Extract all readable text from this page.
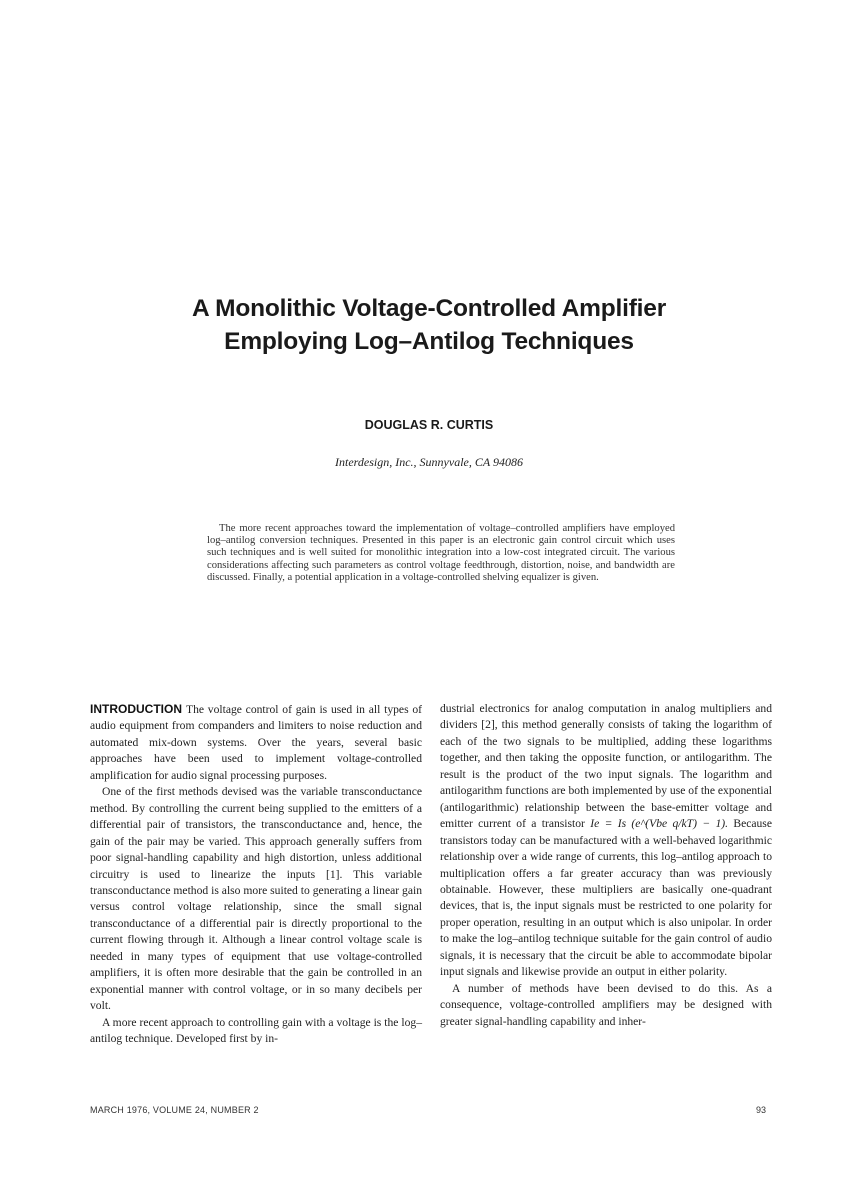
A Monolithic Voltage-Controlled Amplifier
Employing Log–Antilog Techniques
DOUGLAS R. CURTIS
Interdesign, Inc., Sunnyvale, CA 94086
The more recent approaches toward the implementation of voltage–controlled amplifiers have employed log–antilog conversion techniques. Presented in this paper is an electronic gain control circuit which uses such techniques and is well suited for monolithic integration into a low-cost integrated circuit. The various considerations affecting such parameters as control voltage feedthrough, distortion, noise, and bandwidth are discussed. Finally, a potential application in a voltage-controlled shelving equalizer is given.

INTRODUCTION The voltage control of gain is used in all types of audio equipment from companders and limiters to noise reduction and automated mix-down systems. Over the years, several basic approaches have been used to implement voltage-controlled amplification for audio signal processing purposes.

One of the first methods devised was the variable transconductance method. By controlling the current being supplied to the emitters of a differential pair of transistors, the transconductance and, hence, the gain of the pair may be varied. This approach generally suffers from poor signal-handling capability and high distortion, unless additional circuitry is used to linearize the inputs [1]. This variable transconductance method is also more suited to generating a linear gain versus control voltage relationship, since the small signal transconductance of a differential pair is directly proportional to the current flowing through it. Although a linear control voltage scale is needed in many types of equipment that use voltage-controlled amplifiers, it is often more desirable that the gain be controlled in an exponential manner with control voltage, or in so many decibels per volt.

A more recent approach to controlling gain with a voltage is the log–antilog technique. Developed first by in-

dustrial electronics for analog computation in analog multipliers and dividers [2], this method generally consists of taking the logarithm of each of the two signals to be multiplied, adding these logarithms together, and then taking the opposite function, or antilogarithm. The result is the product of the two input signals. The logarithm and antilogarithm functions are both implemented by use of the exponential (antilogarithmic) relationship between the base-emitter voltage and emitter current of a transistor Ie = Is (e^(Vbe q/kT) − 1). Because transistors today can be manufactured with a well-behaved logarithmic relationship over a wide range of currents, this log–antilog approach to multiplication offers a far greater accuracy than was previously obtainable. However, these multipliers are basically one-quadrant devices, that is, the input signals must be restricted to one polarity for proper operation, resulting in an output which is also unipolar. In order to make the log–antilog technique suitable for the gain control of audio signals, it is necessary that the circuit be able to accommodate bipolar input signals and likewise provide an output in either polarity.

A number of methods have been devised to do this. As a consequence, voltage-controlled amplifiers may be designed with greater signal-handling capability and inher-

MARCH 1976, VOLUME 24, NUMBER 2	93
